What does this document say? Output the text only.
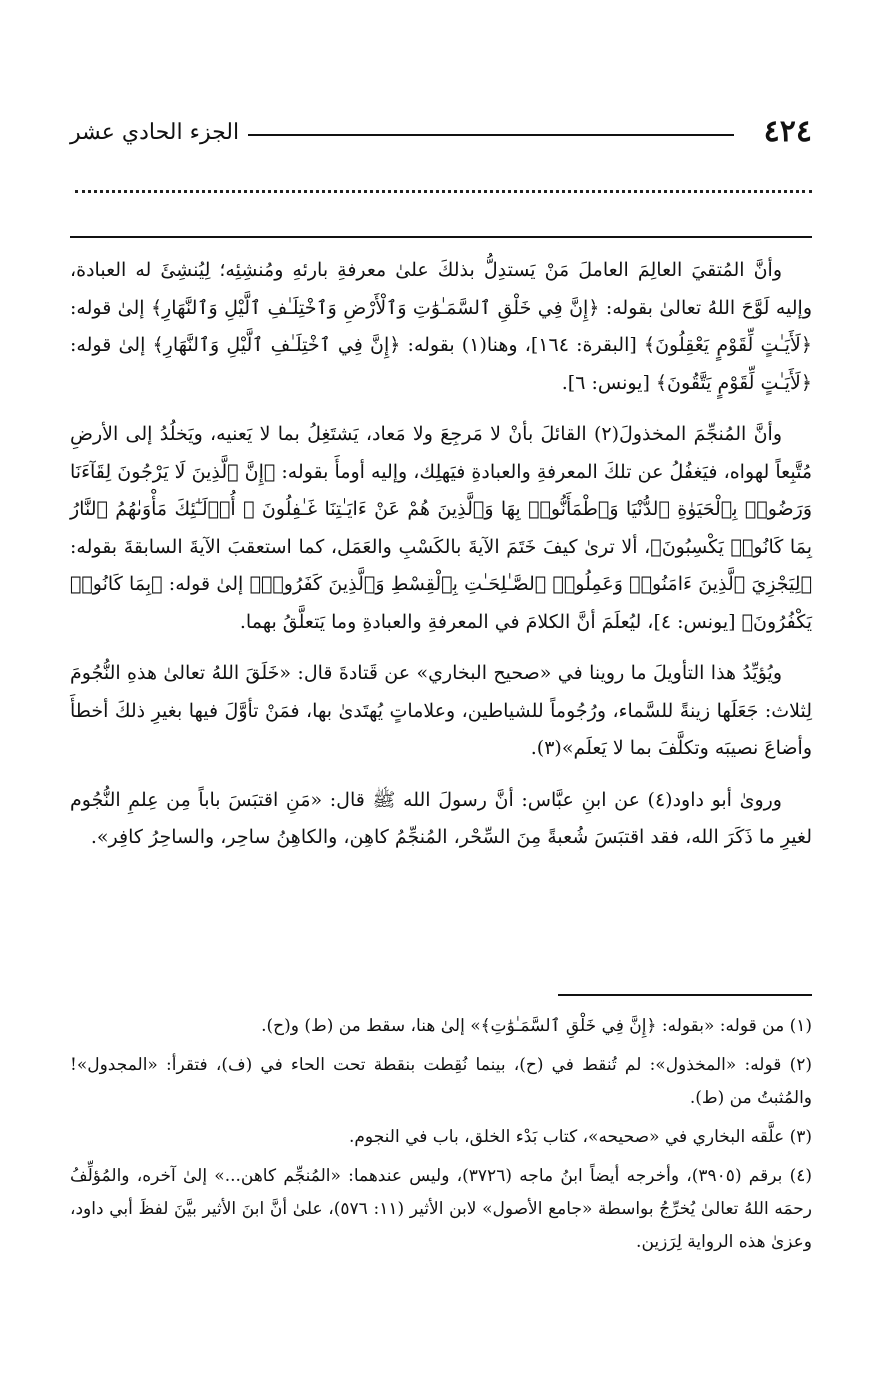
٤٢٤
الجزء الحادي عشر

وأنَّ المُتقيَ العالِمَ العاملَ مَنْ يَستدِلُّ بذلكَ علىٰ معرفةِ بارئهِ ومُنشِئِه؛ لِيُنشِئَ له العبادة، وإليه لَوَّحَ اللهُ تعالىٰ بقوله: ﴿إِنَّ فِي خَلْقِ ٱلسَّمَـٰوَٰتِ وَٱلْأَرْضِ وَٱخْتِلَـٰفِ ٱلَّيْلِ وَٱلنَّهَارِ﴾ إلىٰ قوله: ﴿لَأَيَـٰتٍ لِّقَوْمٍ يَعْقِلُونَ﴾ [البقرة: ١٦٤]، وهنا(١) بقوله: ﴿إِنَّ فِي ٱخْتِلَـٰفِ ٱلَّيْلِ وَٱلنَّهَارِ﴾ إلىٰ قوله: ﴿لَأَيَـٰتٍ لِّقَوْمٍ يَتَّقُونَ﴾ [يونس: ٦].

وأنَّ المُنجِّمَ المخذولَ(٢) القائلَ بأنْ لا مَرجِعَ ولا مَعاد، يَشتَغِلُ بما لا يَعنيه، ويَخلُدُ إلى الأرضِ مُتَّبِعاً لهواه، فيَغفُلُ عن تلكَ المعرفةِ والعبادةِ فيَهلِك، وإليه أومأَ بقوله: ﴿إِنَّ ٱلَّذِينَ لَا يَرْجُونَ لِقَآءَنَا وَرَضُوا۟ بِٱلْحَيَوٰةِ ٱلدُّنْيَا وَٱطْمَأَنُّوا۟ بِهَا وَٱلَّذِينَ هُمْ عَنْ ءَايَـٰتِنَا غَـٰفِلُونَ ۞ أُو۟لَـٰٓئِكَ مَأْوَىٰهُمُ ٱلنَّارُ بِمَا كَانُوا۟ يَكْسِبُونَ﴾، ألا ترىٰ كيفَ خَتَمَ الآيةَ بالكَسْبِ والعَمَل، كما استعقبَ الآيةَ السابقةَ بقوله: ﴿لِيَجْزِيَ ٱلَّذِينَ ءَامَنُوا۟ وَعَمِلُوا۟ ٱلصَّـٰلِحَـٰتِ بِٱلْقِسْطِ وَٱلَّذِينَ كَفَرُوا۟﴾ إلىٰ قوله: ﴿بِمَا كَانُوا۟ يَكْفُرُونَ﴾ [يونس: ٤]، ليُعلَمَ أنَّ الكلامَ في المعرفةِ والعبادةِ وما يَتعلَّقُ بهما.

ويُؤيِّدُ هذا التأويلَ ما روينا في «صحيح البخاري» عن قَتادةَ قال: «خَلَقَ اللهُ تعالىٰ هذهِ النُّجُومَ لِثلاث: جَعَلَها زينةً للسَّماء، ورُجُوماً للشياطين، وعلاماتٍ يُهتَدىٰ بها، فمَنْ تأوَّلَ فيها بغيرِ ذلكَ أخطأَ وأضاعَ نصيبَه وتكلَّفَ بما لا يَعلَم»(٣).

وروىٰ أبو داود(٤) عن ابنِ عبَّاس: أنَّ رسولَ الله ﷺ قال: «مَنِ اقتبَسَ باباً مِن عِلمِ النُّجُوم لغيرِ ما ذَكَرَ الله، فقد اقتبَسَ شُعبةً مِنَ السِّحْر، المُنجِّمُ كاهِن، والكاهِنُ ساحِر، والساحِرُ كافِر».

(١) من قوله: «بقوله: ﴿إِنَّ فِي خَلْقِ ٱلسَّمَـٰوَٰتِ﴾» إلىٰ هنا، سقط من (ط) و(ح).

(٢) قوله: «المخذول»: لم تُنقط في (ح)، بينما نُقِطت بنقطة تحت الحاء في (ف)، فتقرأ: «المجدول»! والمُثبتُ من (ط).

(٣) علَّقه البخاري في «صحيحه»، كتاب بَدْء الخلق، باب في النجوم.

(٤) برقم (٣٩٠٥)، وأخرجه أيضاً ابنُ ماجه (٣٧٢٦)، وليس عندهما: «المُنجِّم كاهن...» إلىٰ آخره، والمُؤلِّفُ رحمَه اللهُ تعالىٰ يُخرِّجُ بواسطة «جامع الأصول» لابن الأثير (١١: ٥٧٦)، علىٰ أنَّ ابنَ الأثير بيَّنَ لفظَ أبي داود، وعزىٰ هذه الرواية لِرَزين.
